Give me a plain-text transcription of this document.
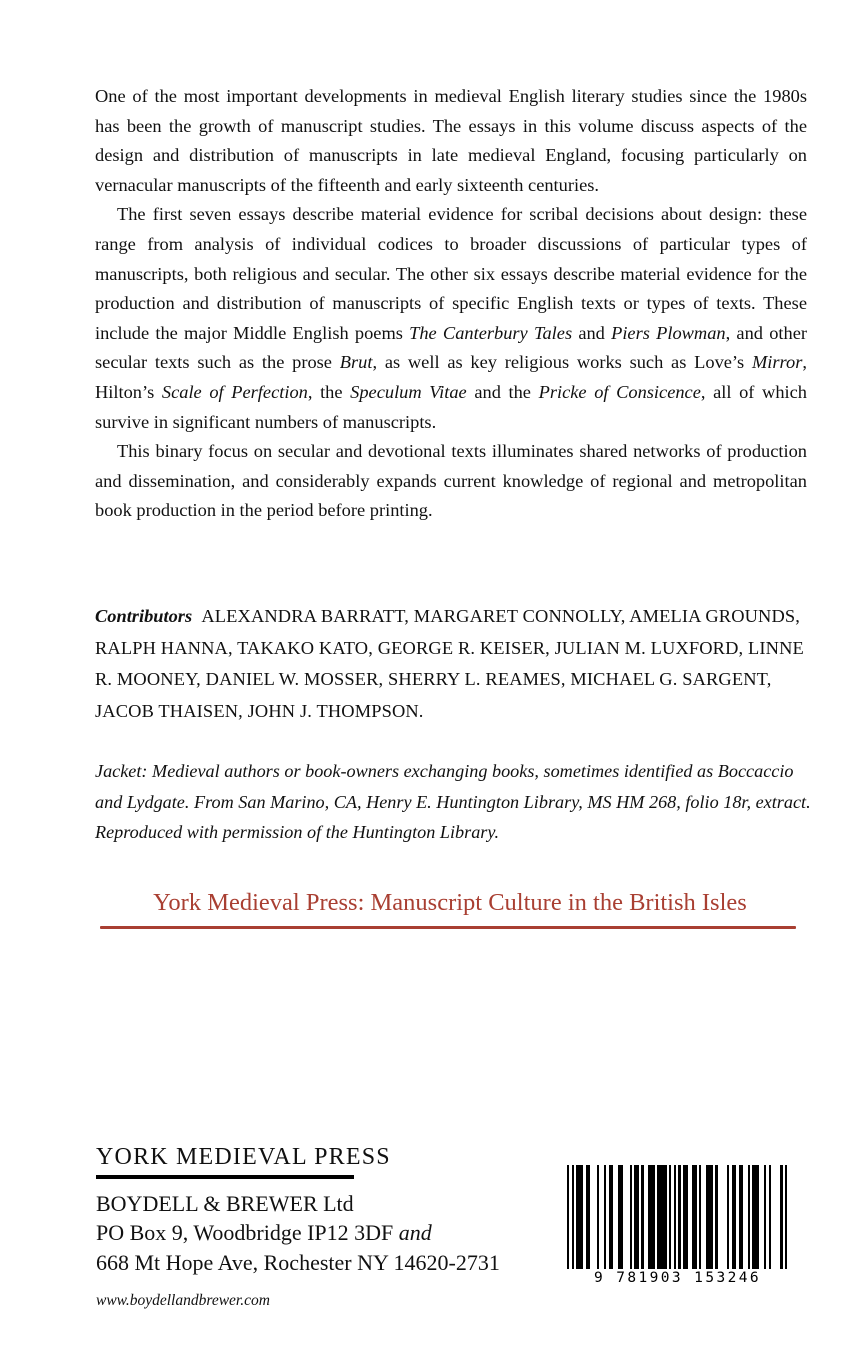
One of the most important developments in medieval English literary studies since the 1980s has been the growth of manuscript studies. The essays in this volume discuss aspects of the design and distribution of manuscripts in late medieval England, focusing particularly on vernacular manuscripts of the fifteenth and early sixteenth centuries.

The first seven essays describe material evidence for scribal decisions about design: these range from analysis of individual codices to broader discussions of particular types of manuscripts, both religious and secular. The other six essays describe material evidence for the production and distribution of manuscripts of specific English texts or types of texts. These include the major Middle English poems The Canterbury Tales and Piers Plowman, and other secular texts such as the prose Brut, as well as key religious works such as Love’s Mirror, Hilton’s Scale of Perfection, the Speculum Vitae and the Pricke of Consicence, all of which survive in significant numbers of manuscripts.

This binary focus on secular and devotional texts illuminates shared networks of production and dissemination, and considerably expands current knowledge of regional and metropolitan book production in the period before printing.

Contributors ALEXANDRA BARRATT, MARGARET CONNOLLY, AMELIA GROUNDS, RALPH HANNA, TAKAKO KATO, GEORGE R. KEISER, JULIAN M. LUXFORD, LINNE R. MOONEY, DANIEL W. MOSSER, SHERRY L. REAMES, MICHAEL G. SARGENT, JACOB THAISEN, JOHN J. THOMPSON.
Jacket: Medieval authors or book-owners exchanging books, sometimes identified as Boccaccio and Lydgate. From San Marino, CA, Henry E. Huntington Library, MS HM 268, folio 18r, extract. Reproduced with permission of the Huntington Library.
York Medieval Press: Manuscript Culture in the British Isles
YORK MEDIEVAL PRESS
BOYDELL & BREWER Ltd
PO Box 9, Woodbridge IP12 3DF and
668 Mt Hope Ave, Rochester NY 14620-2731
www.boydellandbrewer.com
9 781903 153246
